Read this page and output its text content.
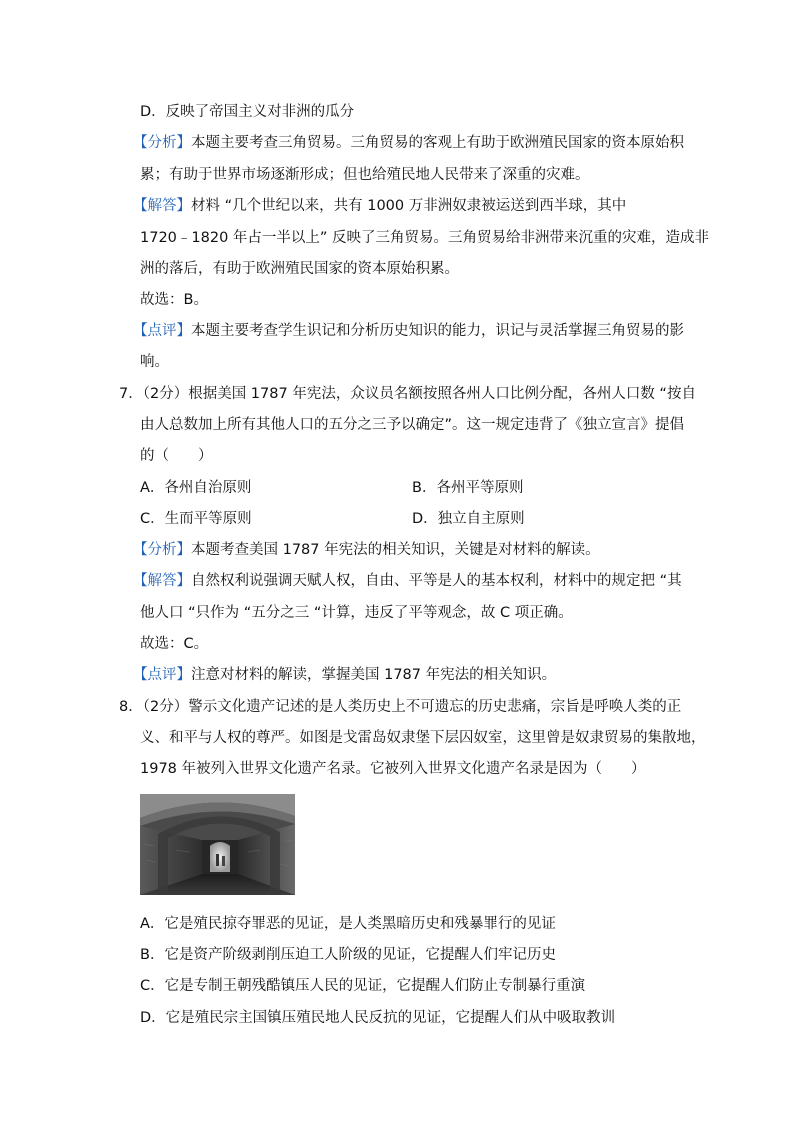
D．反映了帝国主义对非洲的瓜分
【分析】本题主要考查三角贸易。三角贸易的客观上有助于欧洲殖民国家的资本原始积
累；有助于世界市场逐渐形成；但也给殖民地人民带来了深重的灾难。
【解答】材料 “几个世纪以来，共有 1000 万非洲奴隶被运送到西半球，其中
1720﹣1820 年占一半以上” 反映了三角贸易。三角贸易给非洲带来沉重的灾难，造成非
洲的落后，有助于欧洲殖民国家的资本原始积累。
故选：B。
【点评】本题主要考查学生识记和分析历史知识的能力，识记与灵活掌握三角贸易的影
响。
7．（2分）根据美国 1787 年宪法，众议员名额按照各州人口比例分配，各州人口数 “按自
由人总数加上所有其他人口的五分之三予以确定”。这一规定违背了《独立宣言》提倡
的（　　）
A．各州自治原则	B．各州平等原则
C．生而平等原则	D．独立自主原则
【分析】本题考查美国 1787 年宪法的相关知识，关键是对材料的解读。
【解答】自然权利说强调天赋人权，自由、平等是人的基本权利，材料中的规定把 “其
他人口 “只作为 “五分之三 “计算，违反了平等观念，故 C 项正确。
故选：C。
【点评】注意对材料的解读，掌握美国 1787 年宪法的相关知识。
8．（2分）警示文化遗产记述的是人类历史上不可遗忘的历史悲痛，宗旨是呼唤人类的正
义、和平与人权的尊严。如图是戈雷岛奴隶堡下层囚奴室，这里曾是奴隶贸易的集散地，
1978 年被列入世界文化遗产名录。它被列入世界文化遗产名录是因为（　　）
A．它是殖民掠夺罪恶的见证，是人类黑暗历史和残暴罪行的见证
B．它是资产阶级剥削压迫工人阶级的见证，它提醒人们牢记历史
C．它是专制王朝残酷镇压人民的见证，它提醒人们防止专制暴行重演
D．它是殖民宗主国镇压殖民地人民反抗的见证，它提醒人们从中吸取教训
